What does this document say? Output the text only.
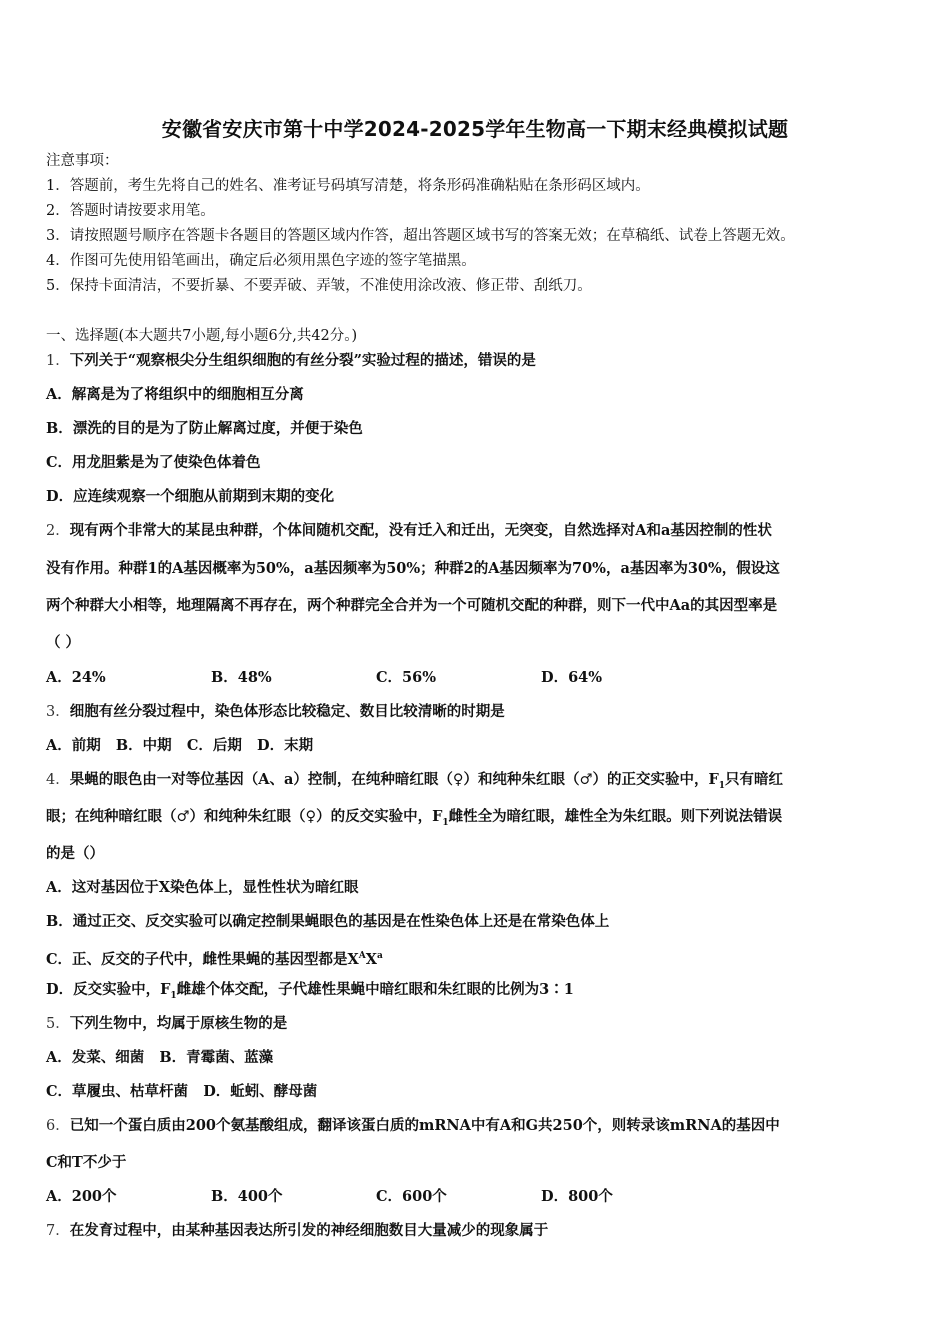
安徽省安庆市第十中学2024-2025学年生物高一下期末经典模拟试题
注意事项：
1．答题前，考生先将自己的姓名、准考证号码填写清楚，将条形码准确粘贴在条形码区域内。
2．答题时请按要求用笔。
3．请按照题号顺序在答题卡各题目的答题区域内作答，超出答题区域书写的答案无效；在草稿纸、试卷上答题无效。
4．作图可先使用铅笔画出，确定后必须用黑色字迹的签字笔描黑。
5．保持卡面清洁，不要折暴、不要弄破、弄皱，不准使用涂改液、修正带、刮纸刀。
一、选择题(本大题共7小题,每小题6分,共42分。)
1．下列关于“观察根尖分生组织细胞的有丝分裂”实验过程的描述，错误的是
A．解离是为了将组织中的细胞相互分离
B．漂洗的目的是为了防止解离过度，并便于染色
C．用龙胆紫是为了使染色体着色
D．应连续观察一个细胞从前期到末期的变化
2．现有两个非常大的某昆虫种群，个体间随机交配，没有迁入和迁出，无突变，自然选择对A和a基因控制的性状
没有作用。种群1的A基因概率为50%，a基因频率为50%；种群2的A基因频率为70%，a基因率为30%，假设这
两个种群大小相等，地理隔离不再存在，两个种群完全合并为一个可随机交配的种群，则下一代中Aa的其因型率是
（ ）
A．24%	B．48%	C．56%	D．64%
3．细胞有丝分裂过程中，染色体形态比较稳定、数目比较清晰的时期是
A．前期 B．中期 C．后期 D．末期
4．果蝇的眼色由一对等位基因（A、a）控制，在纯种暗红眼（♀）和纯种朱红眼（♂）的正交实验中，$F_1$只有暗红
眼；在纯种暗红眼（♂）和纯种朱红眼（♀）的反交实验中，$F_1$雌性全为暗红眼，雄性全为朱红眼。则下列说法错误
的是（）
A．这对基因位于X染色体上，显性性状为暗红眼
B．通过正交、反交实验可以确定控制果蝇眼色的基因是在性染色体上还是在常染色体上
C．正、反交的子代中，雌性果蝇的基因型都是$X^AX^a$
D．反交实验中，$F_1$雌雄个体交配，子代雄性果蝇中暗红眼和朱红眼的比例为3∶1
5．下列生物中，均属于原核生物的是
A．发菜、细菌 B．青霉菌、蓝藻
C．草履虫、枯草杆菌 D．蚯蚓、酵母菌
6．已知一个蛋白质由200个氨基酸组成，翻译该蛋白质的mRNA中有A和G共250个，则转录该mRNA的基因中
C和T不少于
A．200个	B．400个	C．600个	D．800个
7．在发育过程中，由某种基因表达所引发的神经细胞数目大量减少的现象属于
